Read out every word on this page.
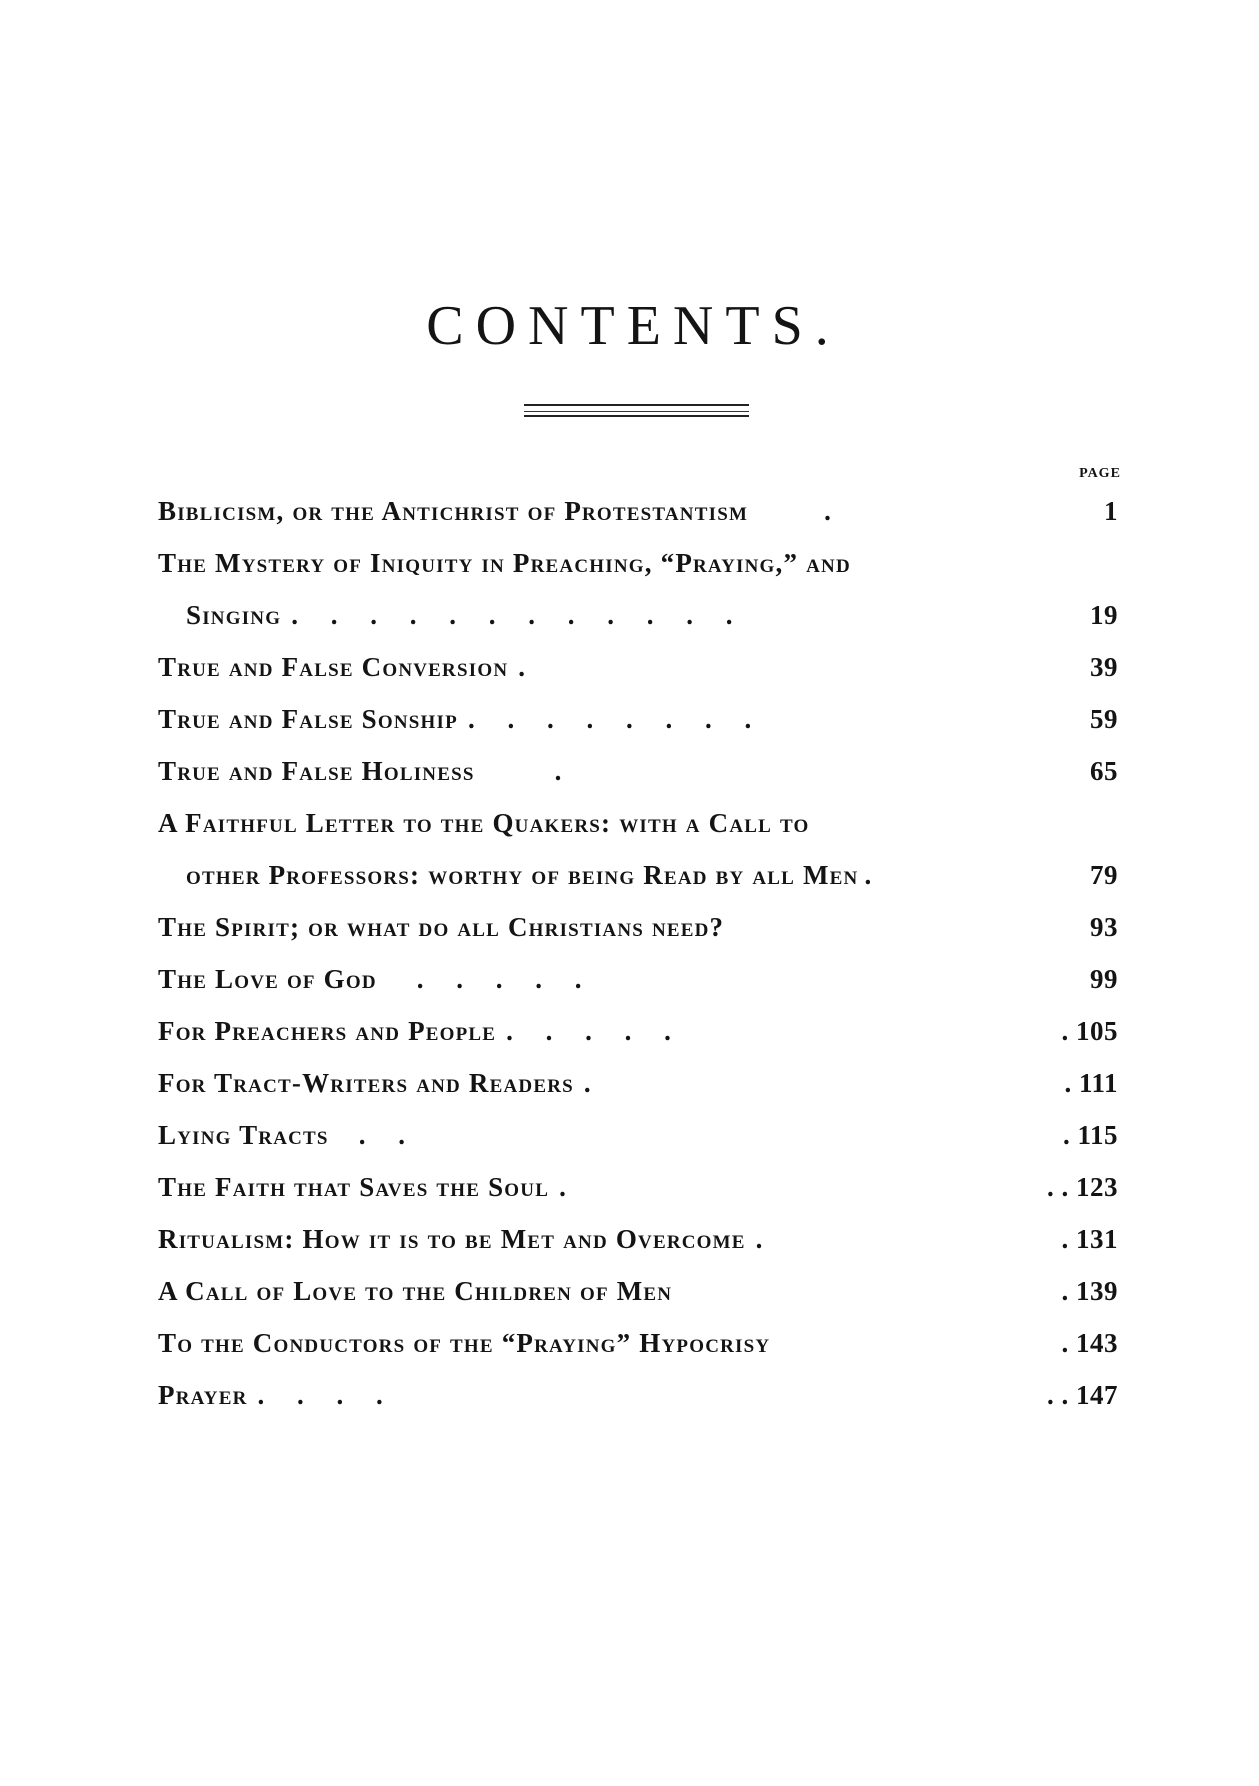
CONTENTS.
PAGE
Biblicism, or the Antichrist of Protestantism	.	1
The Mystery of Iniquity in Preaching, “Praying,” and
Singing . . . . . . . . . . . .	19
True and False Conversion .	39
True and False Sonship . . . . . . . .	59
True and False Holiness	.	65
A Faithful Letter to the Quakers: with a Call to
other Professors: worthy of being Read by all Men .	79
The Spirit; or what do all Christians need?	93
The Love of God . . . . .	99
For Preachers and People . . . . .	. 105
For Tract-Writers and Readers .	. 111
Lying Tracts . .	. 115
The Faith that Saves the Soul .	. . 123
Ritualism: How it is to be Met and Overcome .	. 131
A Call of Love to the Children of Men	. 139
To the Conductors of the “Praying” Hypocrisy	. 143
Prayer . . . .	. . 147
